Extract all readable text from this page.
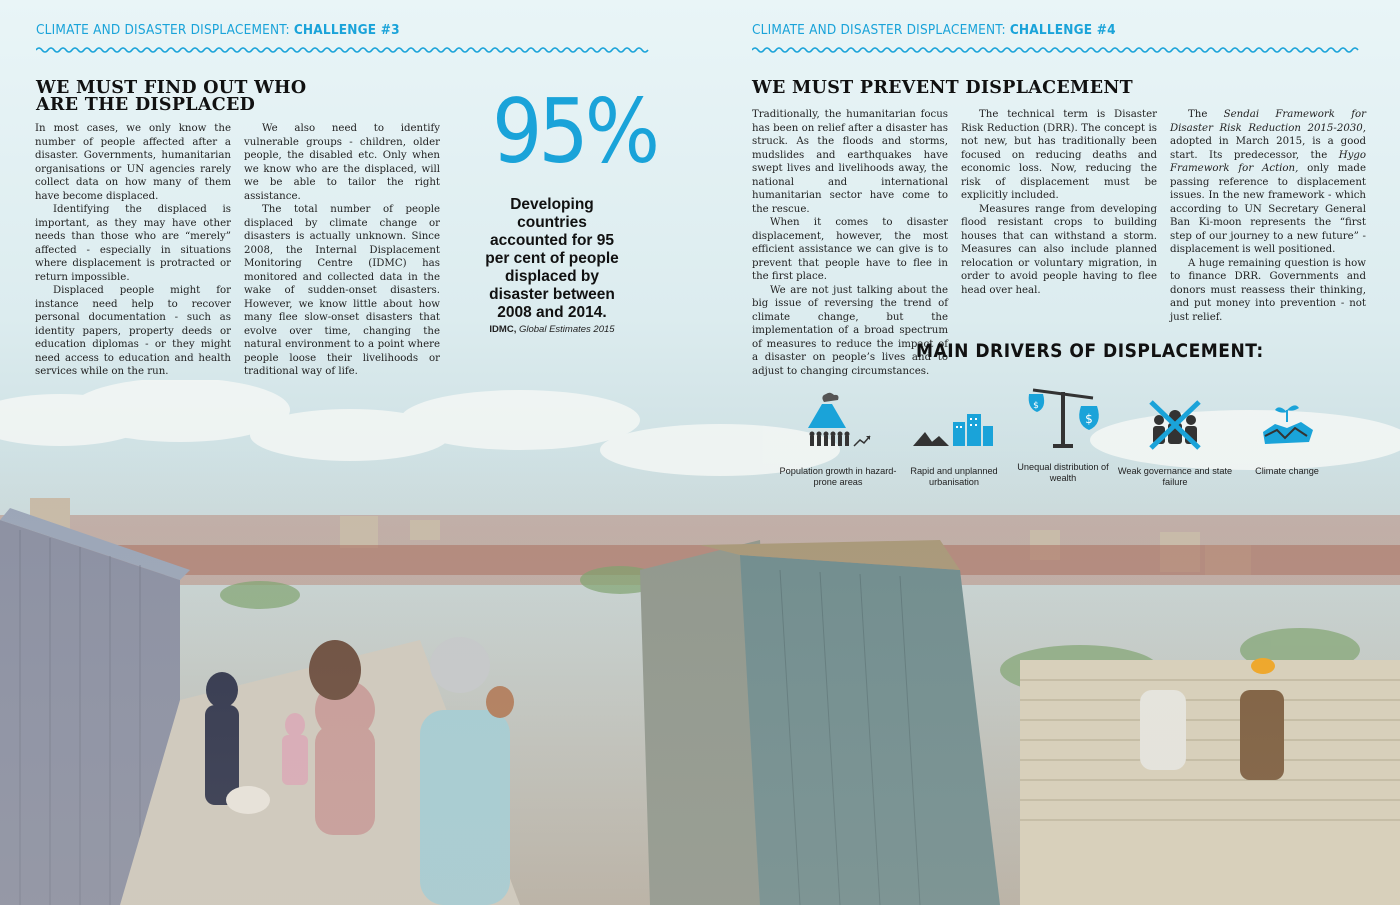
CLIMATE AND DISASTER DISPLACEMENT: CHALLENGE #3
WE MUST FIND OUT WHO
ARE THE DISPLACED

In most cases, we only know the number of people affected after a disaster. Governments, humanitarian organisations or UN agencies rarely collect data on how many of them have become displaced.

Identifying the displaced is important, as they may have other needs than those who are “merely” affected - especially in situations where displacement is protracted or return impossible.

Displaced people might for instance need help to recover personal documentation - such as identity papers, property deeds or education diplomas - or they might need access to education and health services while on the run.

We also need to identify vulnerable groups - children, older people, the disabled etc. Only when we know who are the displaced, will we be able to tailor the right assistance.

The total number of people displaced by climate change or disasters is actually unknown. Since 2008, the Internal Displacement Monitoring Centre (IDMC) has monitored and collected data in the wake of sudden-onset disasters. However, we know little about how many flee slow-onset disasters that evolve over time, changing the natural environment to a point where people loose their livelihoods or traditional way of life.

95%
Developing countries accounted for 95 per cent of people displaced by disaster between 2008 and 2014.
IDMC, Global Estimates 2015
CLIMATE AND DISASTER DISPLACEMENT: CHALLENGE #4
WE MUST PREVENT DISPLACEMENT

Traditionally, the humanitarian focus has been on relief after a disaster has struck. As the floods and storms, mudslides and earthquakes have swept lives and livelihoods away, the national and international humanitarian sector have come to the rescue.

When it comes to disaster displacement, however, the most efficient assistance we can give is to prevent that people have to flee in the first place.

We are not just talking about the big issue of reversing the trend of climate change, but the implementation of a broad spectrum of measures to reduce the impact of a disaster on people’s lives and to adjust to changing circumstances.

The technical term is Disaster Risk Reduction (DRR). The concept is not new, but has traditionally been focused on reducing deaths and economic loss. Now, reducing the risk of displacement must be explicitly included.

Measures range from developing flood resistant crops to building houses that can withstand a storm. Measures can also include planned relocation or voluntary migration, in order to avoid people having to flee head over heal.

The Sendai Framework for Disaster Risk Reduction 2015-2030, adopted in March 2015, is a good start. Its predecessor, the Hygo Framework for Action, only made passing reference to displacement issues. In the new framework - which according to UN Secretary General Ban Ki-moon represents the “first step of our journey to a new future” - displacement is well positioned.

A huge remaining question is how to finance DRR. Governments and donors must reassess their thinking, and put money into prevention - not just relief.

MAIN DRIVERS OF DISPLACEMENT:
Population growth in hazard-prone areas
Rapid and unplanned urbanisation
$
$
Unequal distribution of wealth
Weak governance and state failure
Climate change
